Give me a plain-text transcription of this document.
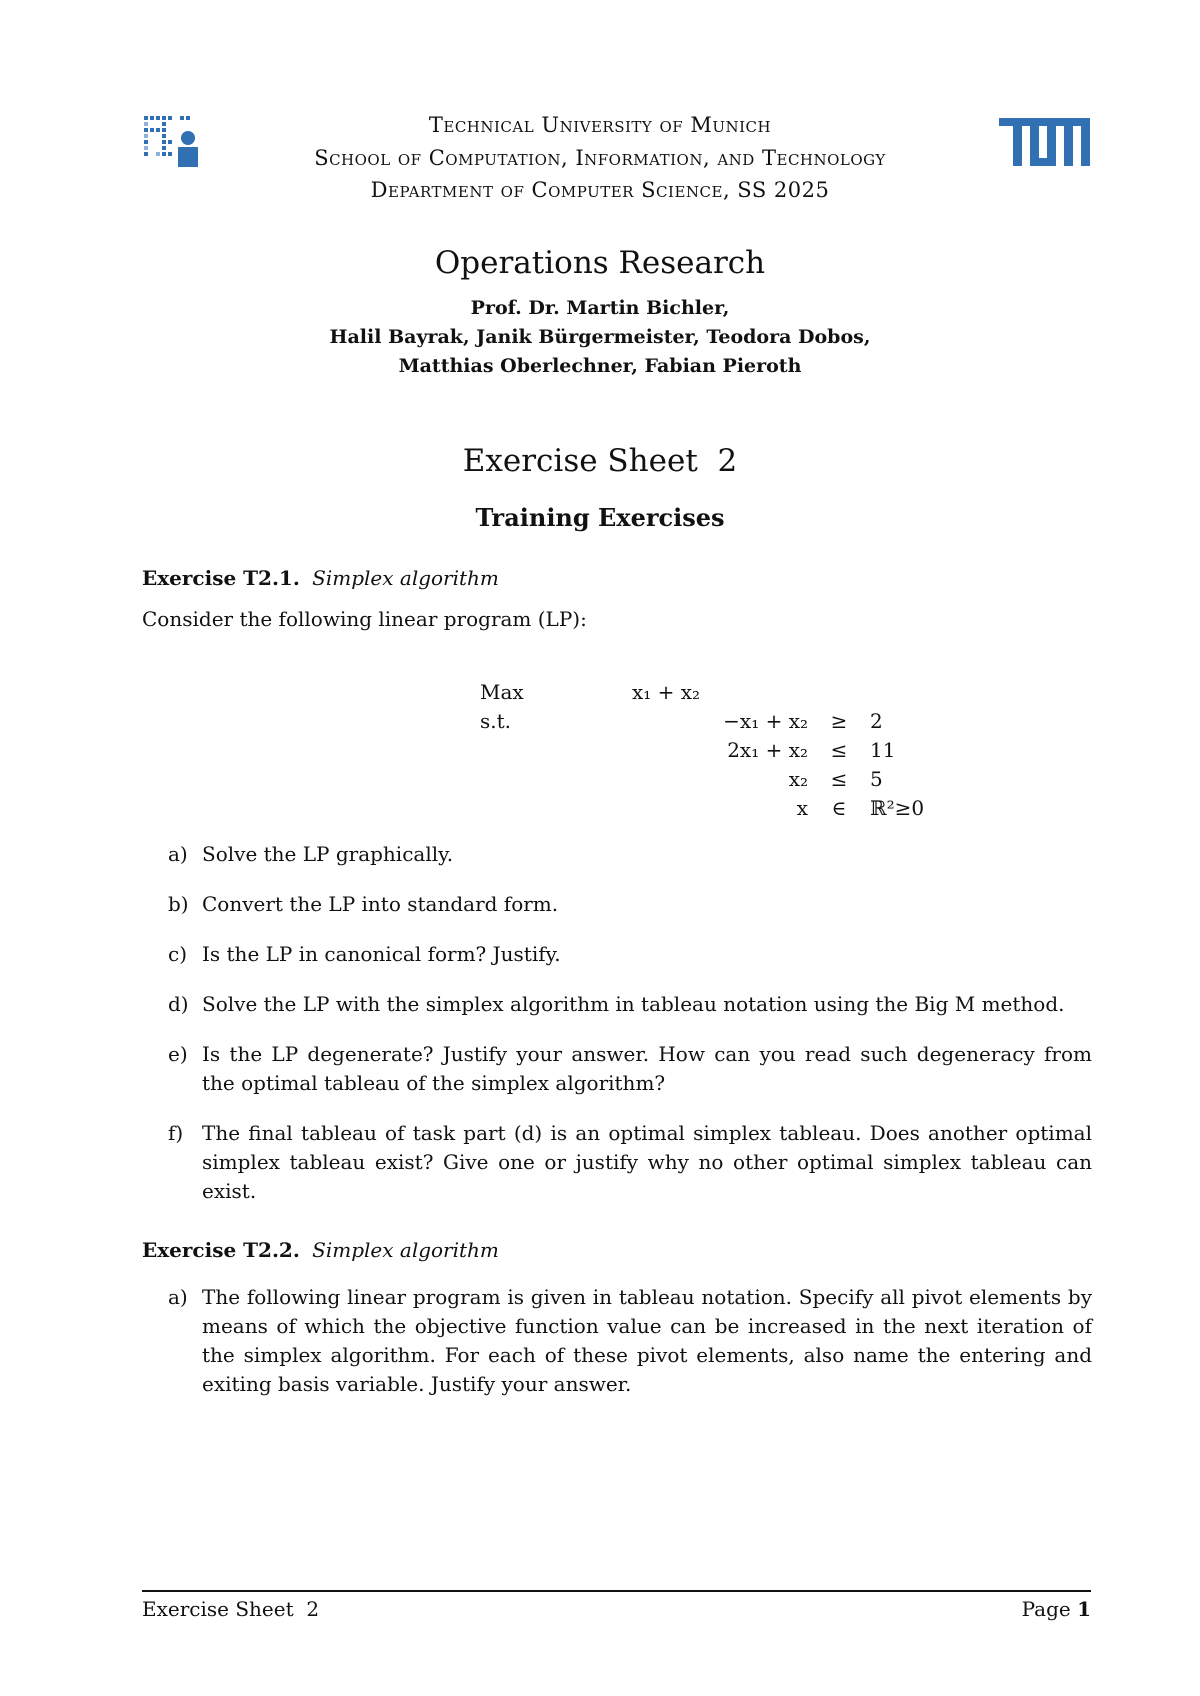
Technical University of Munich
School of Computation, Information, and Technology
Department of Computer Science, SS 2025
Operations Research
Prof. Dr. Martin Bichler,
Halil Bayrak, Janik Bürgermeister, Teodora Dobos,
Matthias Oberlechner, Fabian Pieroth
Exercise Sheet  2
Training Exercises
Exercise T2.1. Simplex algorithm
Consider the following linear program (LP):
Max	x₁ + x₂		
s.t.	−x₁ + x₂	≥	2
	2x₁ + x₂	≤	11
	x₂	≤	5
	x	∈	ℝ²≥0
a) Solve the LP graphically.
b) Convert the LP into standard form.
c) Is the LP in canonical form? Justify.
d) Solve the LP with the simplex algorithm in tableau notation using the Big M method.
e) Is the LP degenerate? Justify your answer. How can you read such degeneracy from the optimal tableau of the simplex algorithm?
f) The final tableau of task part (d) is an optimal simplex tableau. Does another optimal simplex tableau exist? Give one or justify why no other optimal simplex tableau can exist.
Exercise T2.2. Simplex algorithm
a) The following linear program is given in tableau notation. Specify all pivot elements by means of which the objective function value can be increased in the next iteration of the simplex algorithm. For each of these pivot elements, also name the entering and exiting basis variable. Justify your answer.
Exercise Sheet  2	Page 1
